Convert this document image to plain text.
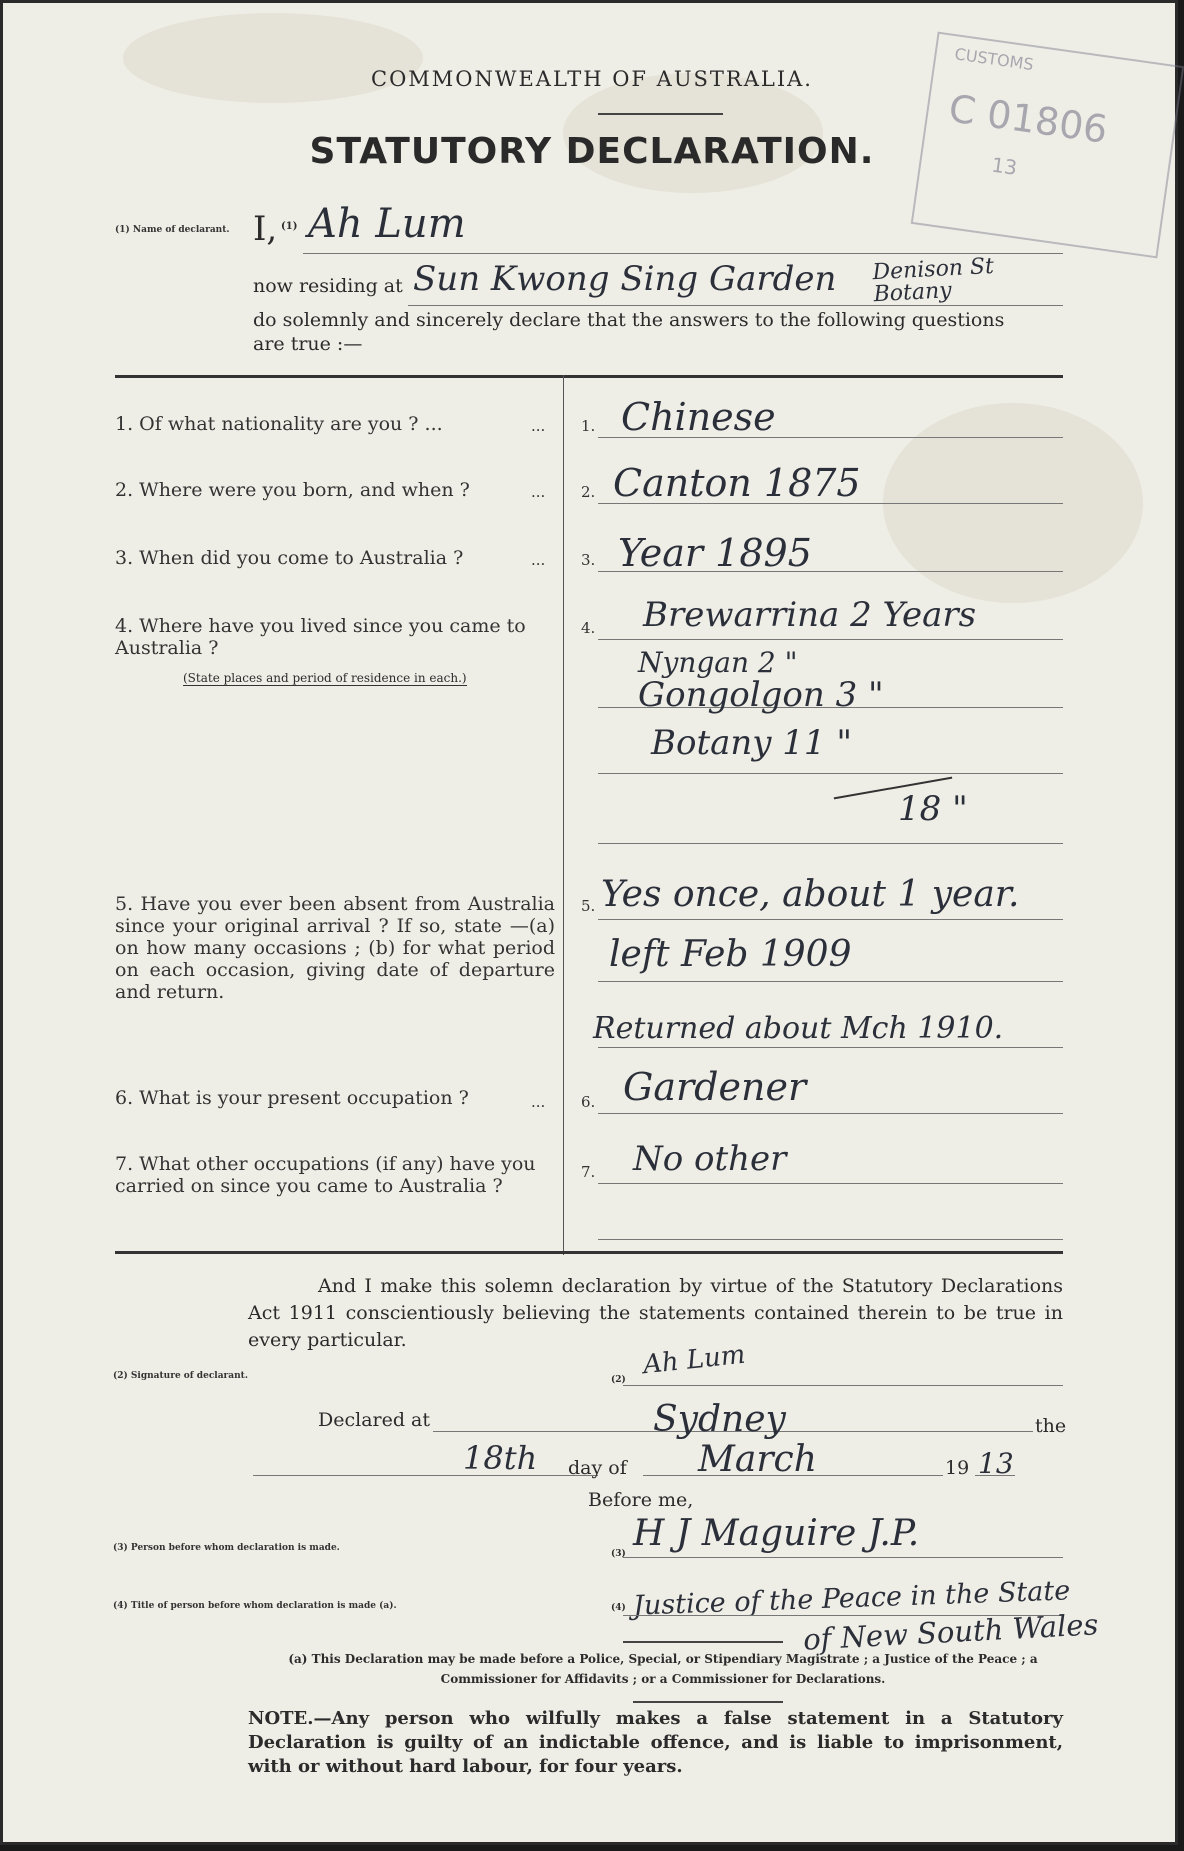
CUSTOMS
C 01806
13
COMMONWEALTH OF AUSTRALIA.
STATUTORY DECLARATION.
(1) Name of declarant. I, (1) Ah Lum
now residing at Sun Kwong Sing Garden Denison St Botany
do solemnly and sincerely declare that the answers to the following questions
are true :—
1. Of what nationality are you ? ...	... 1. Chinese
2. Where were you born, and when ?	... 2. Canton 1875
3. When did you come to Australia ?	... 3. Year 1895
4. Where have you lived since you came to Australia ?
(State places and period of residence in each.)
4. Brewarrina 2 Years
Nyngan 2 "
Gongolgon 3 "
Botany 11 "
18 "
5. Have you ever been absent from Australia since your original arrival ? If so, state —(a) on how many occasions ; (b) for what period on each occasion, giving date of departure and return.
5. Yes once, about 1 year.
left Feb 1909
Returned about Mch 1910.
6. What is your present occupation ?	... 6. Gardener
7. What other occupations (if any) have you carried on since you came to Australia ?
7. No other
And I make this solemn declaration by virtue of the Statutory Declarations Act 1911 conscientiously believing the statements contained therein to be true in every particular.
(2) Signature of declarant.	Ah Lum
(2)
Declared at	Sydney	the
18th day of March	19 13
Before me,
(3) Person before whom declaration is made.
(3) H J Maguire J.P.
(4) Title of person before whom declaration is made (a).	(4) Justice of the Peace in the State
of New South Wales
(a) This Declaration may be made before a Police, Special, or Stipendiary Magistrate ; a Justice of the Peace ; a Commissioner for Affidavits ; or a Commissioner for Declarations.
NOTE.—Any person who wilfully makes a false statement in a Statutory Declaration is guilty of an indictable offence, and is liable to imprisonment, with or without hard labour, for four years.
